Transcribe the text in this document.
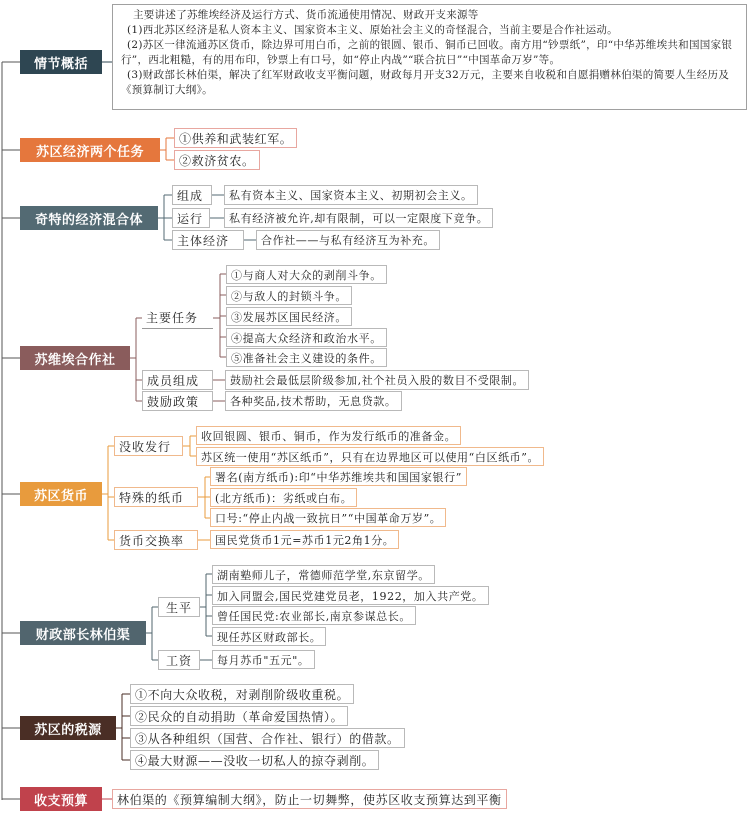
情节概括

主要讲述了苏维埃经济及运行方式、货币流通使用情况、财政开支来源等

(1)西北苏区经济是私人资本主义、国家资本主义、原始社会主义的奇怪混合，当前主要是合作社运动。

(2)苏区一律流通苏区货币，除边界可用白币，之前的银圆、银币、铜币已回收。南方用“钞票纸”，印“中华苏维埃共和国国家银行”，西北粗糙，有的用布印，钞票上有口号，如“停止内战”“联合抗日”“中国革命万岁”等。

(3)财政部长林伯渠，解决了红军财政收支平衡问题，财政每月开支32万元，主要来自收税和自愿捐赠林伯渠的简要人生经历及《预算制订大纲》。

苏区经济两个任务
①供养和武装红军。
②救济贫农。
奇特的经济混合体
组成	私有资本主义、国家资本主义、初期初会主义。
运行	私有经济被允许,却有限制，可以一定限度下竞争。
主体经济	合作社——与私有经济互为补充。
苏维埃合作社
主要任务
①与商人对大众的剥削斗争。
②与敌人的封锁斗争。
③发展苏区国民经济。
④提高大众经济和政治水平。
⑤准备社会主义建设的条件。
成员组成	鼓励社会最低层阶级参加,社个社员入股的数目不受限制。
鼓励政策	各种奖品,技术帮助，无息贷款。
苏区货币
没收发行
收回银圆、银币、铜币，作为发行纸币的准备金。
苏区统一使用“苏区纸币”，只有在边界地区可以使用“白区纸币”。
特殊的纸币
署名(南方纸币):印“中华苏维埃共和国国家银行”
(北方纸币)：劣纸或白布。
口号:“停止内战一致抗日”“中国革命万岁”。
货币交换率	国民党货币1元=苏币1元2角1分。
财政部长林伯渠
生平
湖南塾师儿子，常德师范学堂,东京留学。
加入同盟会,国民党建党员老，1922，加入共产党。
曾任国民党:农业部长,南京参谋总长。
现任苏区财政部长。
工资	每月苏币"五元"。
苏区的税源
①不向大众收税，对剥削阶级收重税。
②民众的自动捐助（革命爱国热情）。
③从各种组织（国营、合作社、银行）的借款。
④最大财源——没收一切私人的掠夺剥削。
收支预算	林伯渠的《预算编制大纲》，防止一切舞弊，使苏区收支预算达到平衡
